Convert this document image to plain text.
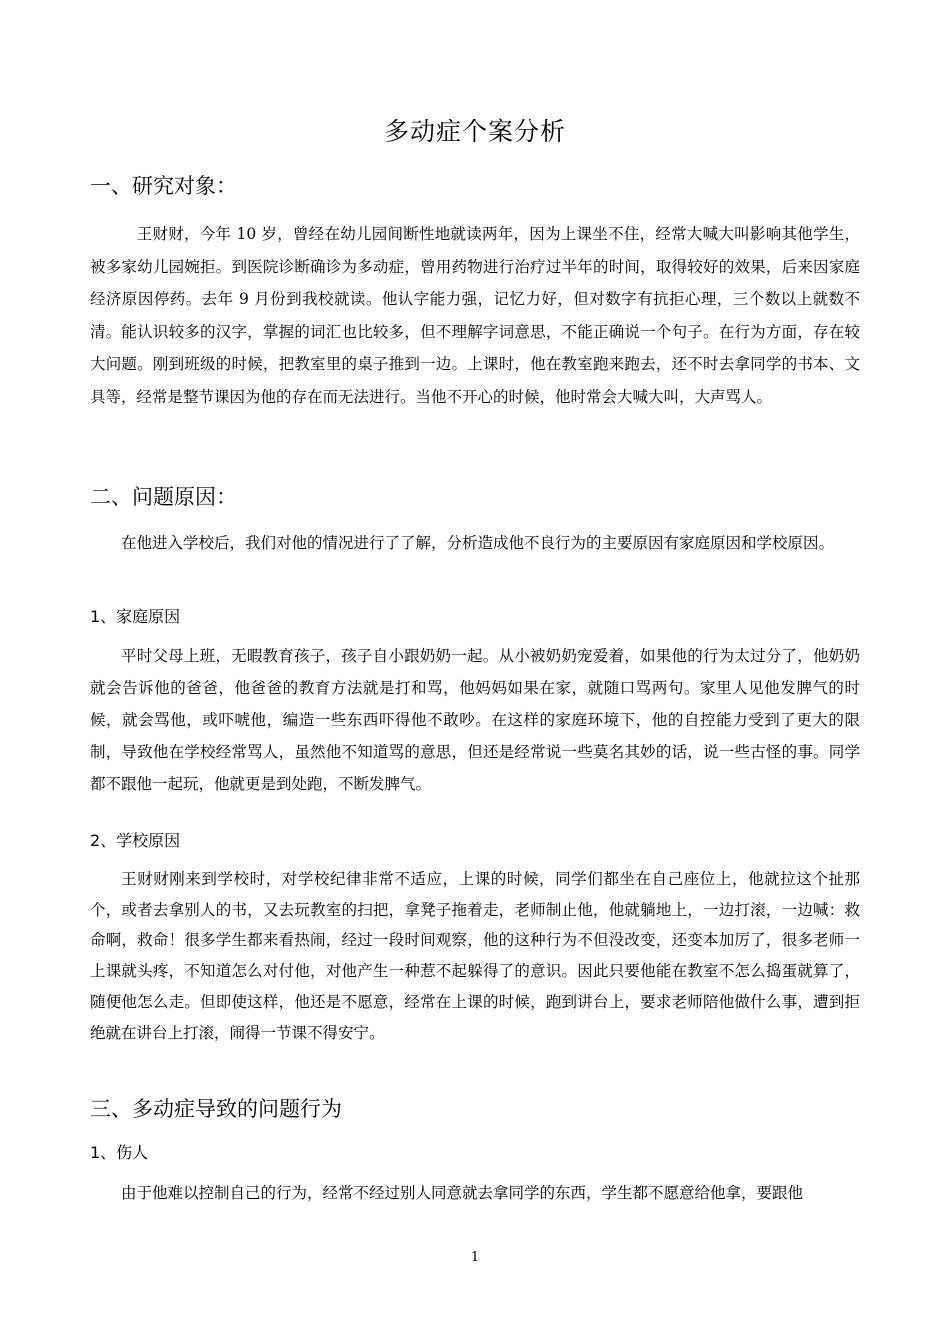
多动症个案分析
一、研究对象：

　王财财，今年 10 岁，曾经在幼儿园间断性地就读两年，因为上课坐不住，经常大喊大叫影响其他学生，被多家幼儿园婉拒。到医院诊断确诊为多动症，曾用药物进行治疗过半年的时间，取得较好的效果，后来因家庭经济原因停药。去年 9 月份到我校就读。他认字能力强，记忆力好，但对数字有抗拒心理，三个数以上就数不清。能认识较多的汉字，掌握的词汇也比较多，但不理解字词意思，不能正确说一个句子。在行为方面，存在较大问题。刚到班级的时候，把教室里的桌子推到一边。上课时，他在教室跑来跑去，还不时去拿同学的书本、文具等，经常是整节课因为他的存在而无法进行。当他不开心的时候，他时常会大喊大叫，大声骂人。

二、问题原因：

在他进入学校后，我们对他的情况进行了了解，分析造成他不良行为的主要原因有家庭原因和学校原因。

1、家庭原因

平时父母上班，无暇教育孩子，孩子自小跟奶奶一起。从小被奶奶宠爱着，如果他的行为太过分了，他奶奶就会告诉他的爸爸，他爸爸的教育方法就是打和骂，他妈妈如果在家，就随口骂两句。家里人见他发脾气的时候，就会骂他，或吓唬他，编造一些东西吓得他不敢吵。在这样的家庭环境下，他的自控能力受到了更大的限制，导致他在学校经常骂人，虽然他不知道骂的意思，但还是经常说一些莫名其妙的话，说一些古怪的事。同学都不跟他一起玩，他就更是到处跑，不断发脾气。

2、学校原因

王财财刚来到学校时，对学校纪律非常不适应，上课的时候，同学们都坐在自己座位上，他就拉这个扯那个，或者去拿别人的书，又去玩教室的扫把，拿凳子拖着走，老师制止他，他就躺地上，一边打滚，一边喊：救命啊，救命！很多学生都来看热闹，经过一段时间观察，他的这种行为不但没改变，还变本加厉了，很多老师一上课就头疼，不知道怎么对付他，对他产生一种惹不起躲得了的意识。因此只要他能在教室不怎么捣蛋就算了，随便他怎么走。但即使这样，他还是不愿意，经常在上课的时候，跑到讲台上，要求老师陪他做什么事，遭到拒绝就在讲台上打滚，闹得一节课不得安宁。

三、多动症导致的问题行为
1、伤人

由于他难以控制自己的行为，经常不经过别人同意就去拿同学的东西，学生都不愿意给他拿，要跟他

1
